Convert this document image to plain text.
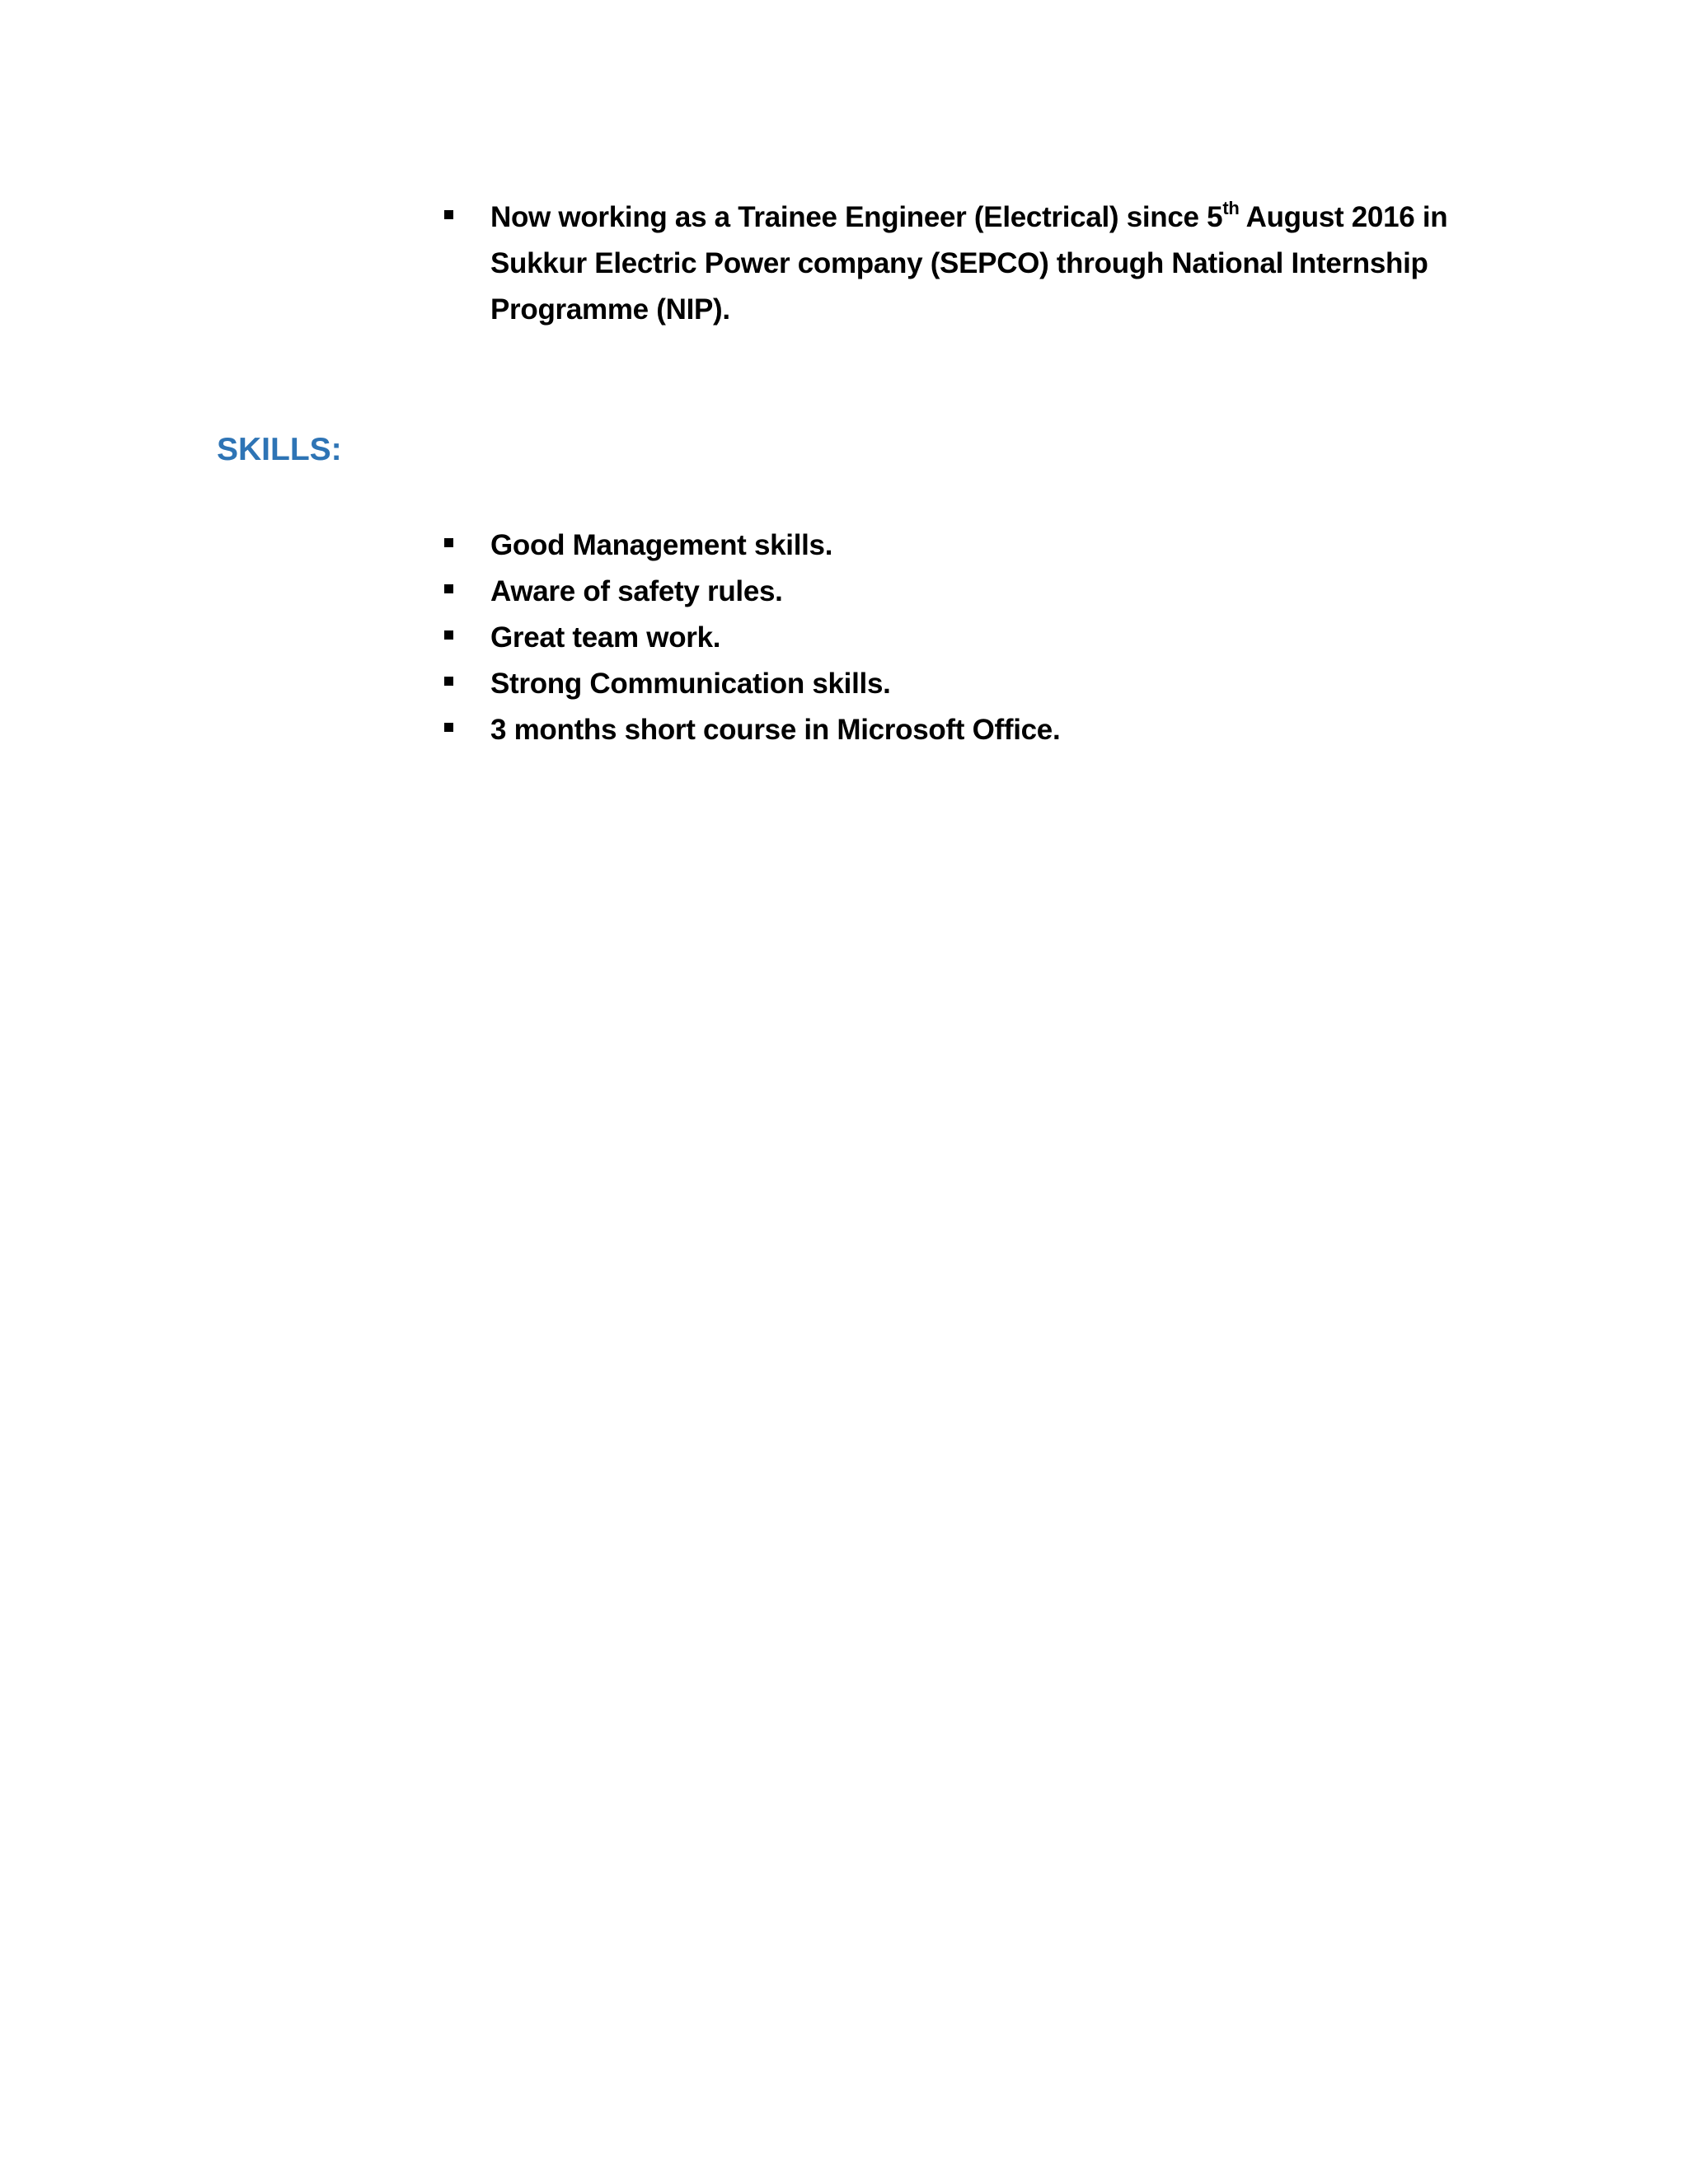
Now working as a Trainee Engineer (Electrical) since 5th August 2016 in Sukkur Electric Power company (SEPCO) through National Internship Programme (NIP).
SKILLS:
Good Management skills.
Aware of safety rules.
Great team work.
Strong Communication skills.
3 months short course in Microsoft Office.
